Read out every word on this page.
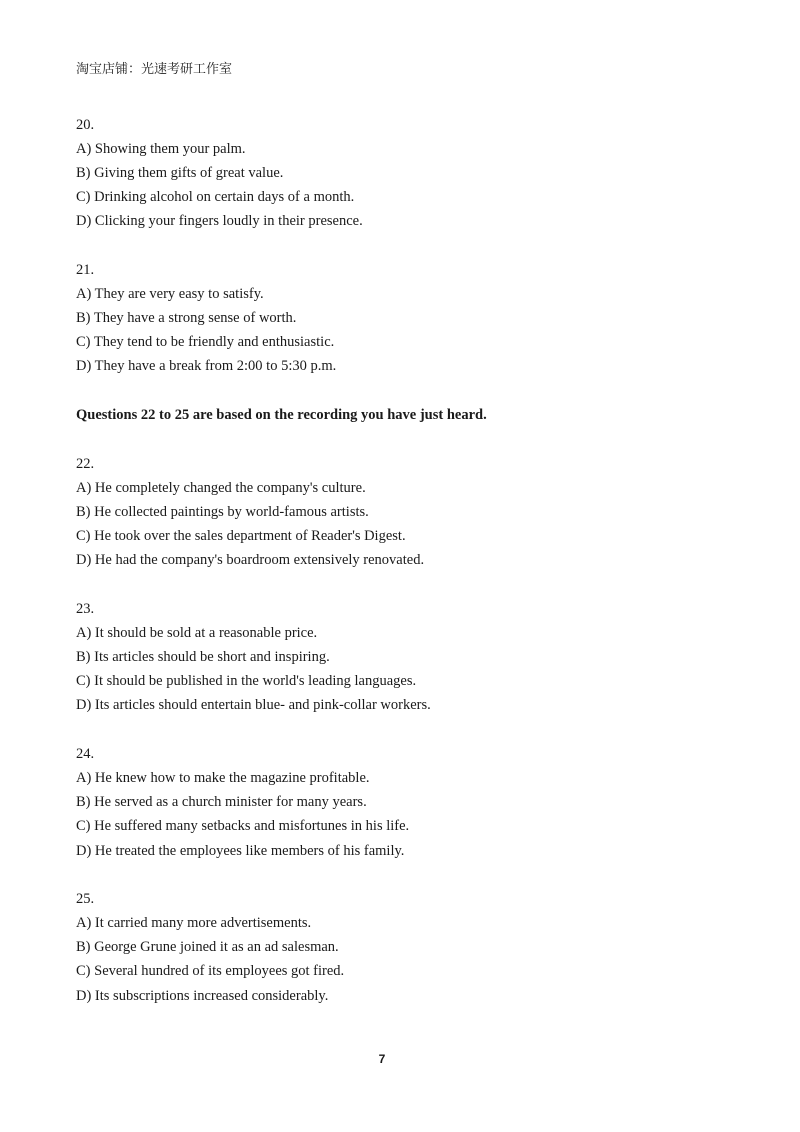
淘宝店铺：光速考研工作室
20.
A) Showing them your palm.
B) Giving them gifts of great value.
C) Drinking alcohol on certain days of a month.
D) Clicking your fingers loudly in their presence.
21.
A) They are very easy to satisfy.
B) They have a strong sense of worth.
C) They tend to be friendly and enthusiastic.
D) They have a break from 2:00 to 5:30 p.m.
Questions 22 to 25 are based on the recording you have just heard.
22.
A) He completely changed the company's culture.
B) He collected paintings by world-famous artists.
C) He took over the sales department of Reader's Digest.
D) He had the company's boardroom extensively renovated.
23.
A) It should be sold at a reasonable price.
B) Its articles should be short and inspiring.
C) It should be published in the world's leading languages.
D) Its articles should entertain blue- and pink-collar workers.
24.
A) He knew how to make the magazine profitable.
B) He served as a church minister for many years.
C) He suffered many setbacks and misfortunes in his life.
D) He treated the employees like members of his family.
25.
A) It carried many more advertisements.
B) George Grune joined it as an ad salesman.
C) Several hundred of its employees got fired.
D) Its subscriptions increased considerably.
7
